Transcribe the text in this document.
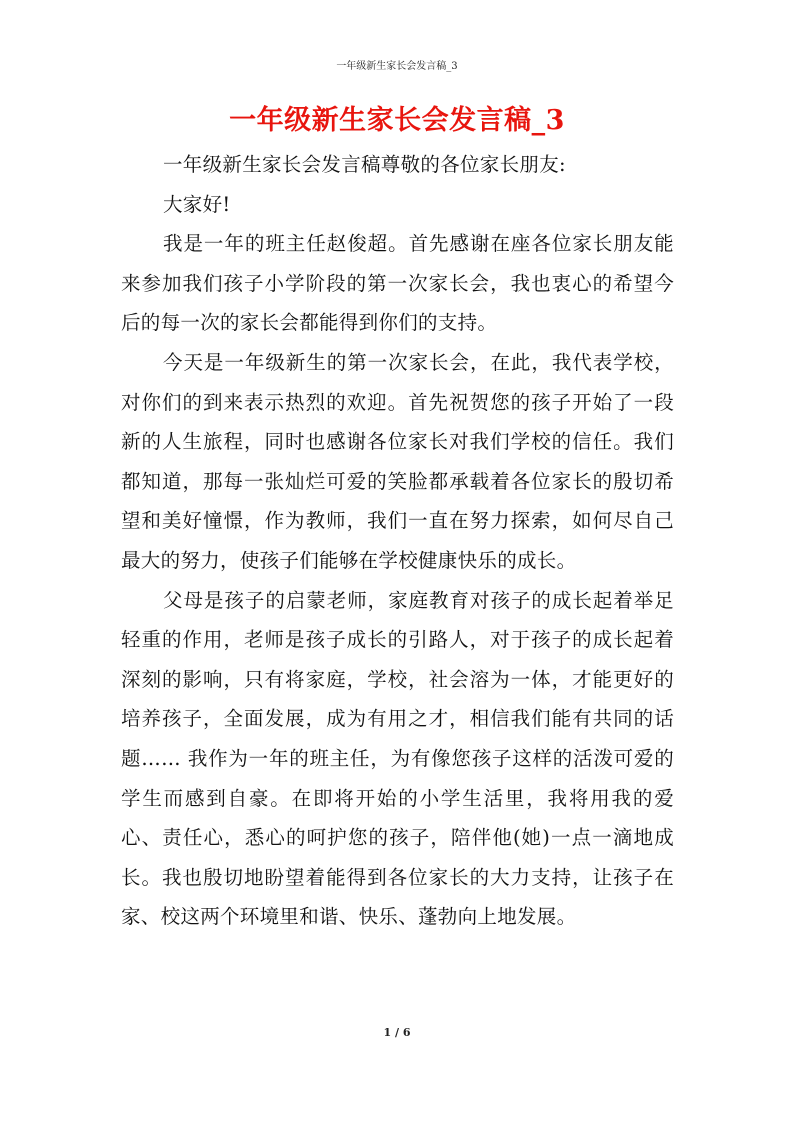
一年级新生家长会发言稿_3
一年级新生家长会发言稿_3

一年级新生家长会发言稿尊敬的各位家长朋友:

大家好!

我是一年的班主任赵俊超。首先感谢在座各位家长朋友能来参加我们孩子小学阶段的第一次家长会，我也衷心的希望今后的每一次的家长会都能得到你们的支持。

今天是一年级新生的第一次家长会，在此，我代表学校，对你们的到来表示热烈的欢迎。首先祝贺您的孩子开始了一段新的人生旅程，同时也感谢各位家长对我们学校的信任。我们都知道，那每一张灿烂可爱的笑脸都承载着各位家长的殷切希望和美好憧憬，作为教师，我们一直在努力探索，如何尽自己最大的努力，使孩子们能够在学校健康快乐的成长。

父母是孩子的启蒙老师，家庭教育对孩子的成长起着举足轻重的作用，老师是孩子成长的引路人，对于孩子的成长起着深刻的影响，只有将家庭，学校，社会溶为一体，才能更好的培养孩子，全面发展，成为有用之才，相信我们能有共同的话题…… 我作为一年的班主任，为有像您孩子这样的活泼可爱的学生而感到自豪。在即将开始的小学生活里，我将用我的爱心、责任心，悉心的呵护您的孩子，陪伴他(她)一点一滴地成长。我也殷切地盼望着能得到各位家长的大力支持，让孩子在家、校这两个环境里和谐、快乐、蓬勃向上地发展。

1 / 6
